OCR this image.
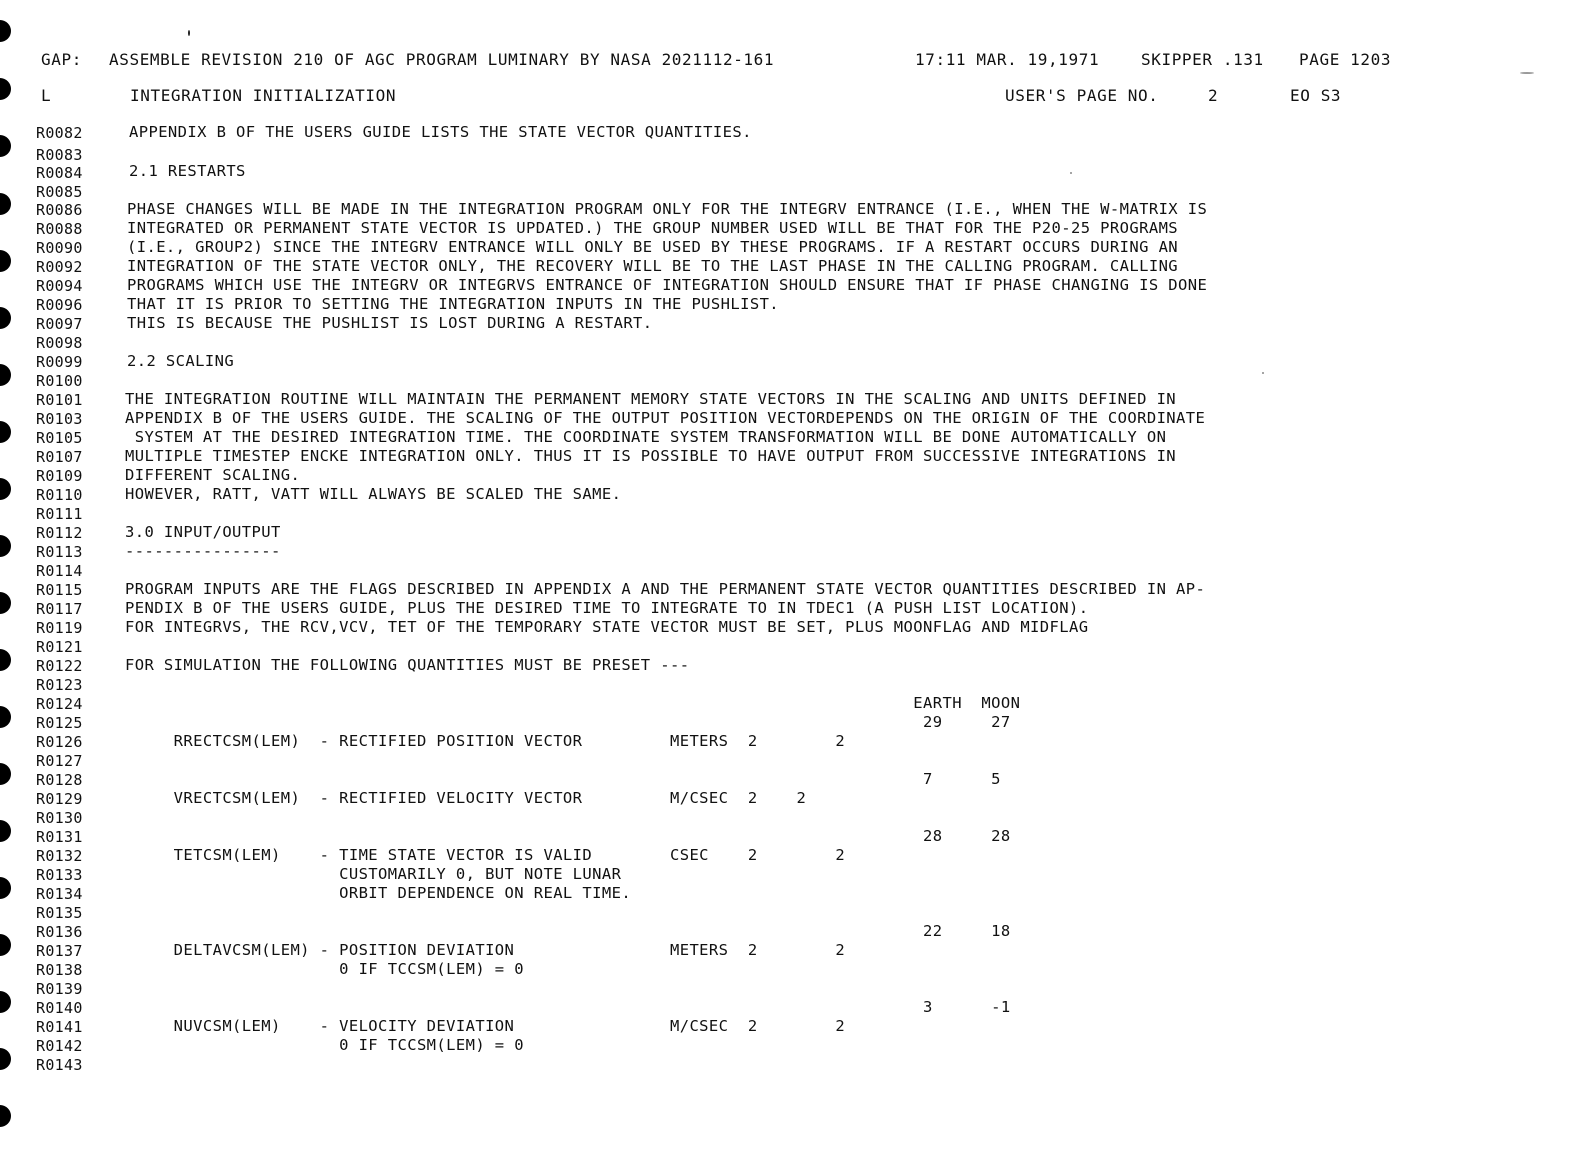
GAP: ASSEMBLE REVISION 210 OF AGC PROGRAM LUMINARY BY NASA 2021112-161	17:11 MAR. 19,1971	SKIPPER .131 PAGE 1203
L	INTEGRATION INITIALIZATION	USER'S PAGE NO.	2	EO S3
R0082	APPENDIX B OF THE USERS GUIDE LISTS THE STATE VECTOR QUANTITIES.
R0083
R0084	2.1 RESTARTS
R0085
R0086	PHASE CHANGES WILL BE MADE IN THE INTEGRATION PROGRAM ONLY FOR THE INTEGRV ENTRANCE (I.E., WHEN THE W-MATRIX IS
R0088	INTEGRATED OR PERMANENT STATE VECTOR IS UPDATED.) THE GROUP NUMBER USED WILL BE THAT FOR THE P20-25 PROGRAMS
R0090	(I.E., GROUP2) SINCE THE INTEGRV ENTRANCE WILL ONLY BE USED BY THESE PROGRAMS. IF A RESTART OCCURS DURING AN
R0092	INTEGRATION OF THE STATE VECTOR ONLY, THE RECOVERY WILL BE TO THE LAST PHASE IN THE CALLING PROGRAM. CALLING
R0094	PROGRAMS WHICH USE THE INTEGRV OR INTEGRVS ENTRANCE OF INTEGRATION SHOULD ENSURE THAT IF PHASE CHANGING IS DONE
R0096	THAT IT IS PRIOR TO SETTING THE INTEGRATION INPUTS IN THE PUSHLIST.
R0097	THIS IS BECAUSE THE PUSHLIST IS LOST DURING A RESTART.
R0098
R0099	2.2 SCALING
R0100
R0101	THE INTEGRATION ROUTINE WILL MAINTAIN THE PERMANENT MEMORY STATE VECTORS IN THE SCALING AND UNITS DEFINED IN
R0103	APPENDIX B OF THE USERS GUIDE. THE SCALING OF THE OUTPUT POSITION VECTORDEPENDS ON THE ORIGIN OF THE COORDINATE
R0105	SYSTEM AT THE DESIRED INTEGRATION TIME. THE COORDINATE SYSTEM TRANSFORMATION WILL BE DONE AUTOMATICALLY ON
R0107	MULTIPLE TIMESTEP ENCKE INTEGRATION ONLY. THUS IT IS POSSIBLE TO HAVE OUTPUT FROM SUCCESSIVE INTEGRATIONS IN
R0109	DIFFERENT SCALING.
R0110	HOWEVER, RATT, VATT WILL ALWAYS BE SCALED THE SAME.
R0111
R0112	3.0 INPUT/OUTPUT
R0113	----------------
R0114
R0115	PROGRAM INPUTS ARE THE FLAGS DESCRIBED IN APPENDIX A AND THE PERMANENT STATE VECTOR QUANTITIES DESCRIBED IN AP-
R0117	PENDIX B OF THE USERS GUIDE, PLUS THE DESIRED TIME TO INTEGRATE TO IN TDEC1 (A PUSH LIST LOCATION).
R0119	FOR INTEGRVS, THE RCV,VCV, TET OF THE TEMPORARY STATE VECTOR MUST BE SET, PLUS MOONFLAG AND MIDFLAG
R0121
R0122	FOR SIMULATION THE FOLLOWING QUANTITIES MUST BE PRESET ---
R0123
R0124	EARTH  MOON
R0125	29     27
R0126	RRECTCSM(LEM)  - RECTIFIED POSITION VECTOR         METERS  2        2
R0127
R0128	7      5
R0129	VRECTCSM(LEM)  - RECTIFIED VELOCITY VECTOR         M/CSEC  2    2
R0130
R0131	28     28
R0132	TETCSM(LEM)    - TIME STATE VECTOR IS VALID        CSEC    2        2
R0133	CUSTOMARILY 0, BUT NOTE LUNAR
R0134	ORBIT DEPENDENCE ON REAL TIME.
R0135
R0136	22     18
R0137	DELTAVCSM(LEM) - POSITION DEVIATION                METERS  2        2
R0138	0 IF TCCSM(LEM) = 0
R0139
R0140	3      -1
R0141	NUVCSM(LEM)    - VELOCITY DEVIATION                M/CSEC  2        2
R0142	0 IF TCCSM(LEM) = 0
R0143
